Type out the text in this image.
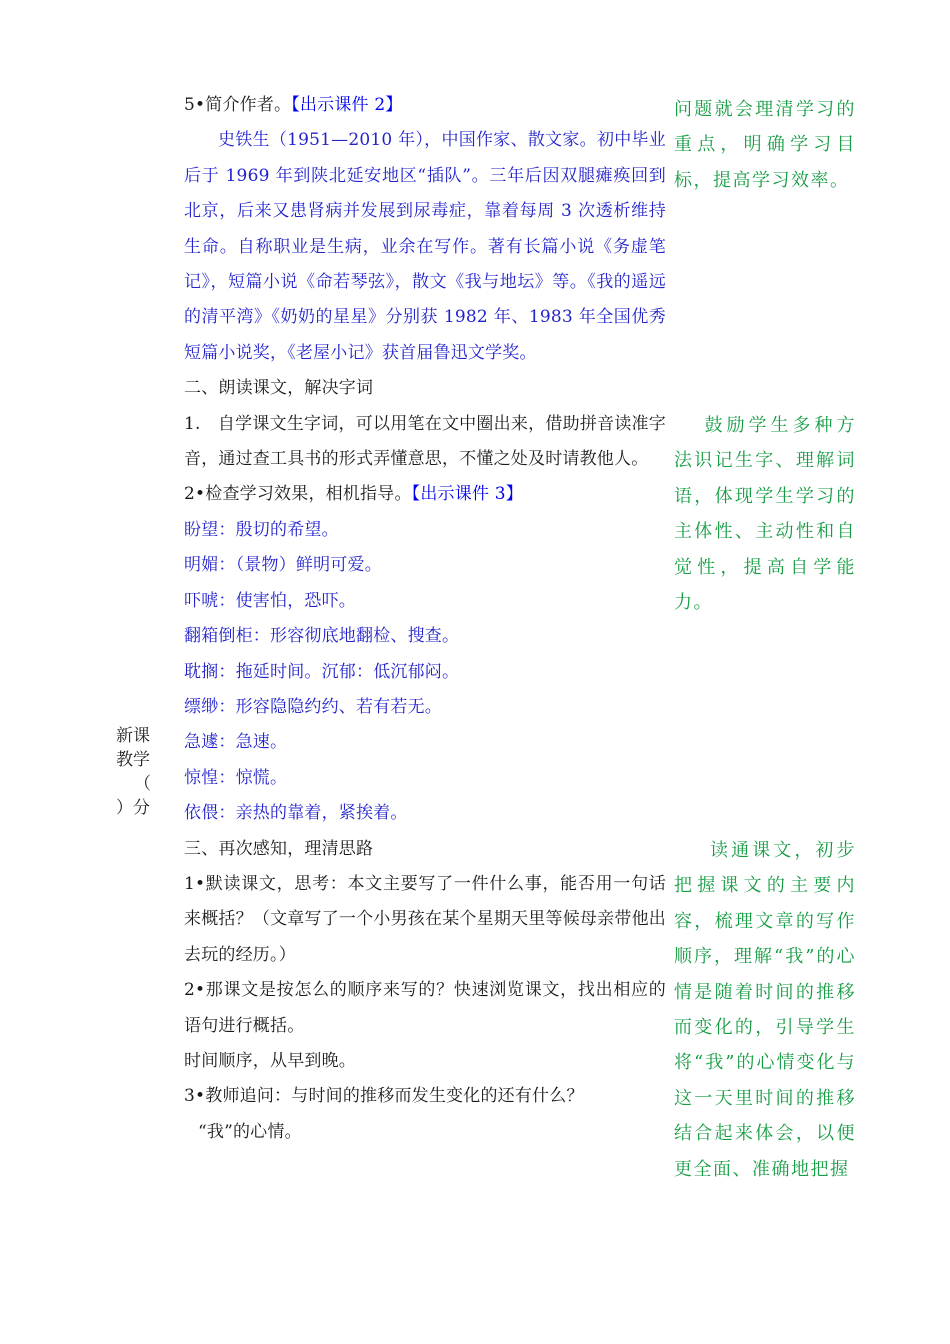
新课
教学
（
）分

5•简介作者。【出示课件 2】

史铁生（1951—2010 年），中国作家、散文家。初中毕业后于 1969 年到陕北延安地区“插队”。三年后因双腿瘫痪回到北京，后来又患肾病并发展到尿毒症，靠着每周 3 次透析维持生命。自称职业是生病，业余在写作。著有长篇小说《务虚笔记》，短篇小说《命若琴弦》，散文《我与地坛》等。《我的遥远的清平湾》《奶奶的星星》分别获 1982 年、1983 年全国优秀短篇小说奖，《老屋小记》获首届鲁迅文学奖。

二、朗读课文，解决字词

1. 自学课文生字词，可以用笔在文中圈出来，借助拼音读准字音，通过查工具书的形式弄懂意思，不懂之处及时请教他人。

2•检查学习效果，相机指导。【出示课件 3】

盼望：殷切的希望。

明媚：（景物）鲜明可爱。

吓唬：使害怕，恐吓。

翻箱倒柜：形容彻底地翻检、搜查。

耽搁：拖延时间。沉郁：低沉郁闷。

缥缈：形容隐隐约约、若有若无。

急遽：急速。

惊惶：惊慌。

依偎：亲热的靠着，紧挨着。

三、再次感知，理清思路

1•默读课文，思考：本文主要写了一件什么事，能否用一句话来概括？（文章写了一个小男孩在某个星期天里等候母亲带他出去玩的经历。）

2•那课文是按怎么的顺序来写的？快速浏览课文，找出相应的语句进行概括。

时间顺序，从早到晚。

3•教师追问：与时间的推移而发生变化的还有什么？

“我”的心情。

问题就会理清学习的重点，明确学习目标，提高学习效率。
鼓励学生多种方法识记生字、理解词语，体现学生学习的主体性、主动性和自觉性，提高自学能力。
读通课文，初步把握课文的主要内容，梳理文章的写作顺序，理解“我”的心情是随着时间的推移而变化的，引导学生将“我”的心情变化与这一天里时间的推移结合起来体会，以便更全面、准确地把握
